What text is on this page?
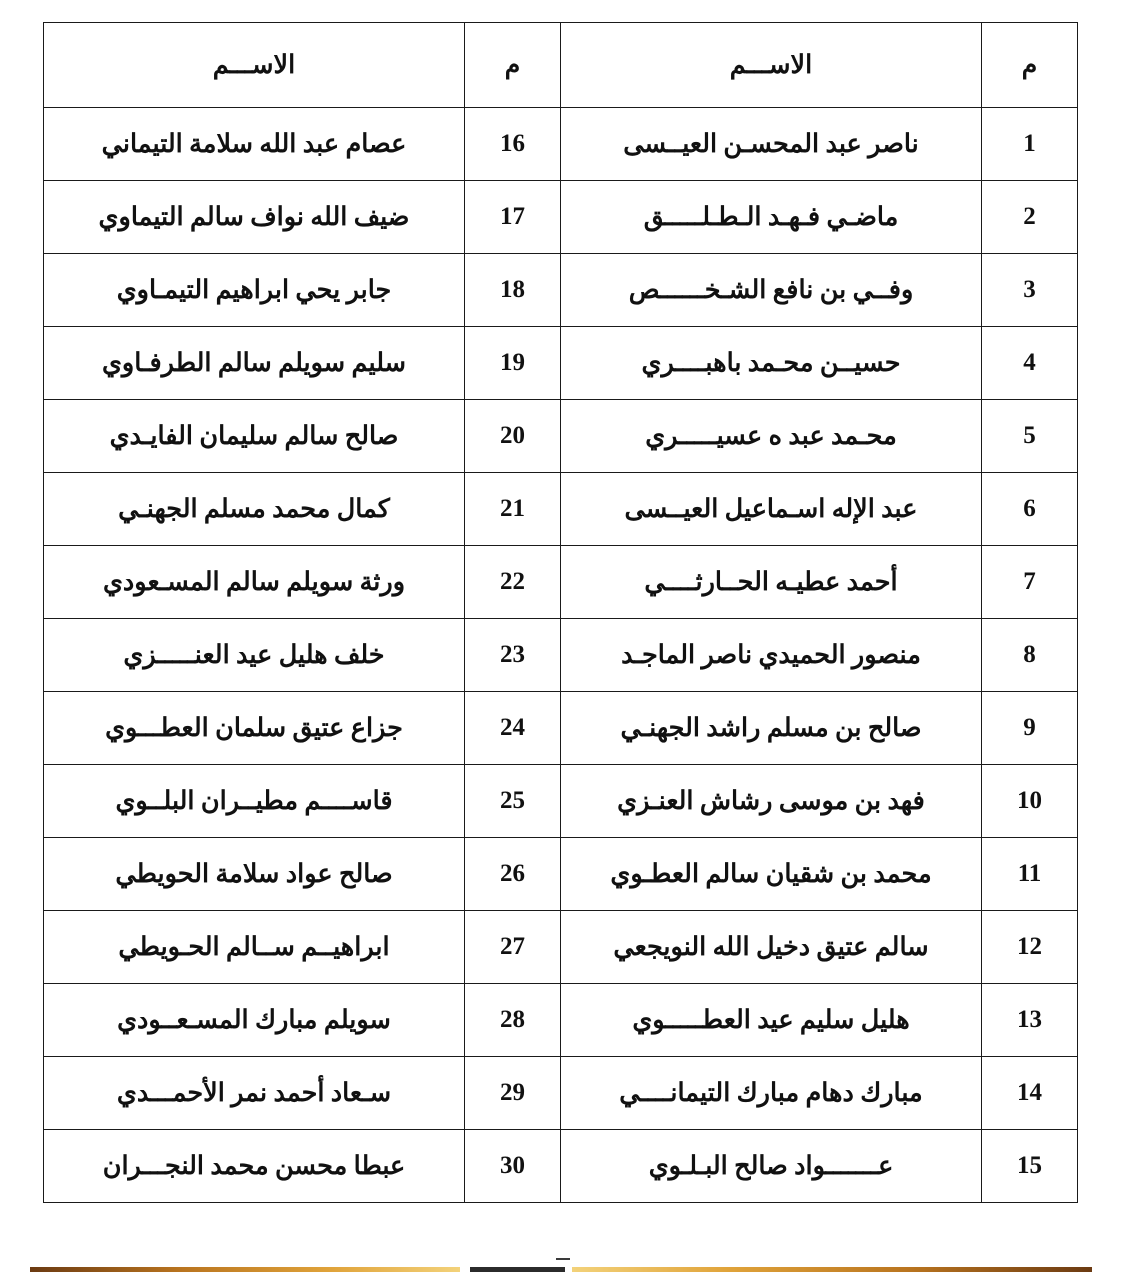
م	الاســـم	م	الاســـم
1	ناصر عبد المحسـن العيــسى	16	عصام عبد الله سلامة التيماني
2	ماضـي فـهـد الـطـلـــــق	17	ضيف الله نواف سالم التيماوي
3	وفــي بن نافع الشـخــــــص	18	جابر يحي ابراهيم التيمـاوي
4	حسيــن محـمد باهبــــري	19	سليم سويلم سالم الطرفـاوي
5	محـمد عبد ه عسيـــــري	20	صالح سالم سليمان الفايـدي
6	عبد الإله اسـماعيل العيــسى	21	كمال محمد مسلم الجهنـي
7	أحمد عطيـه الحــارثــــي	22	ورثة سويلم سالم المسـعودي
8	منصور الحميدي ناصر الماجـد	23	خلف هليل عيد العنـــــزي
9	صالح بن مسلم راشد الجهنـي	24	جزاع عتيق سلمان العطـــوي
10	فهد بن موسى رشاش العنـزي	25	قاســــم مطيــران البلــوي
11	محمد بن شقيان سالم العطـوي	26	صالح عواد سلامة الحويطي
12	سالم عتيق دخيل الله النويجعي	27	ابراهيــم ســالم الحـويطي
13	هليل سليم عيد العطـــــوي	28	سويلم مبارك المسـعــودي
14	مبارك دهام مبارك التيمانــــي	29	سـعاد أحمد نمر الأحمـــدي
15	عـــــــواد صالح البـلـوي	30	عبطا محسن محمد النجـــران
